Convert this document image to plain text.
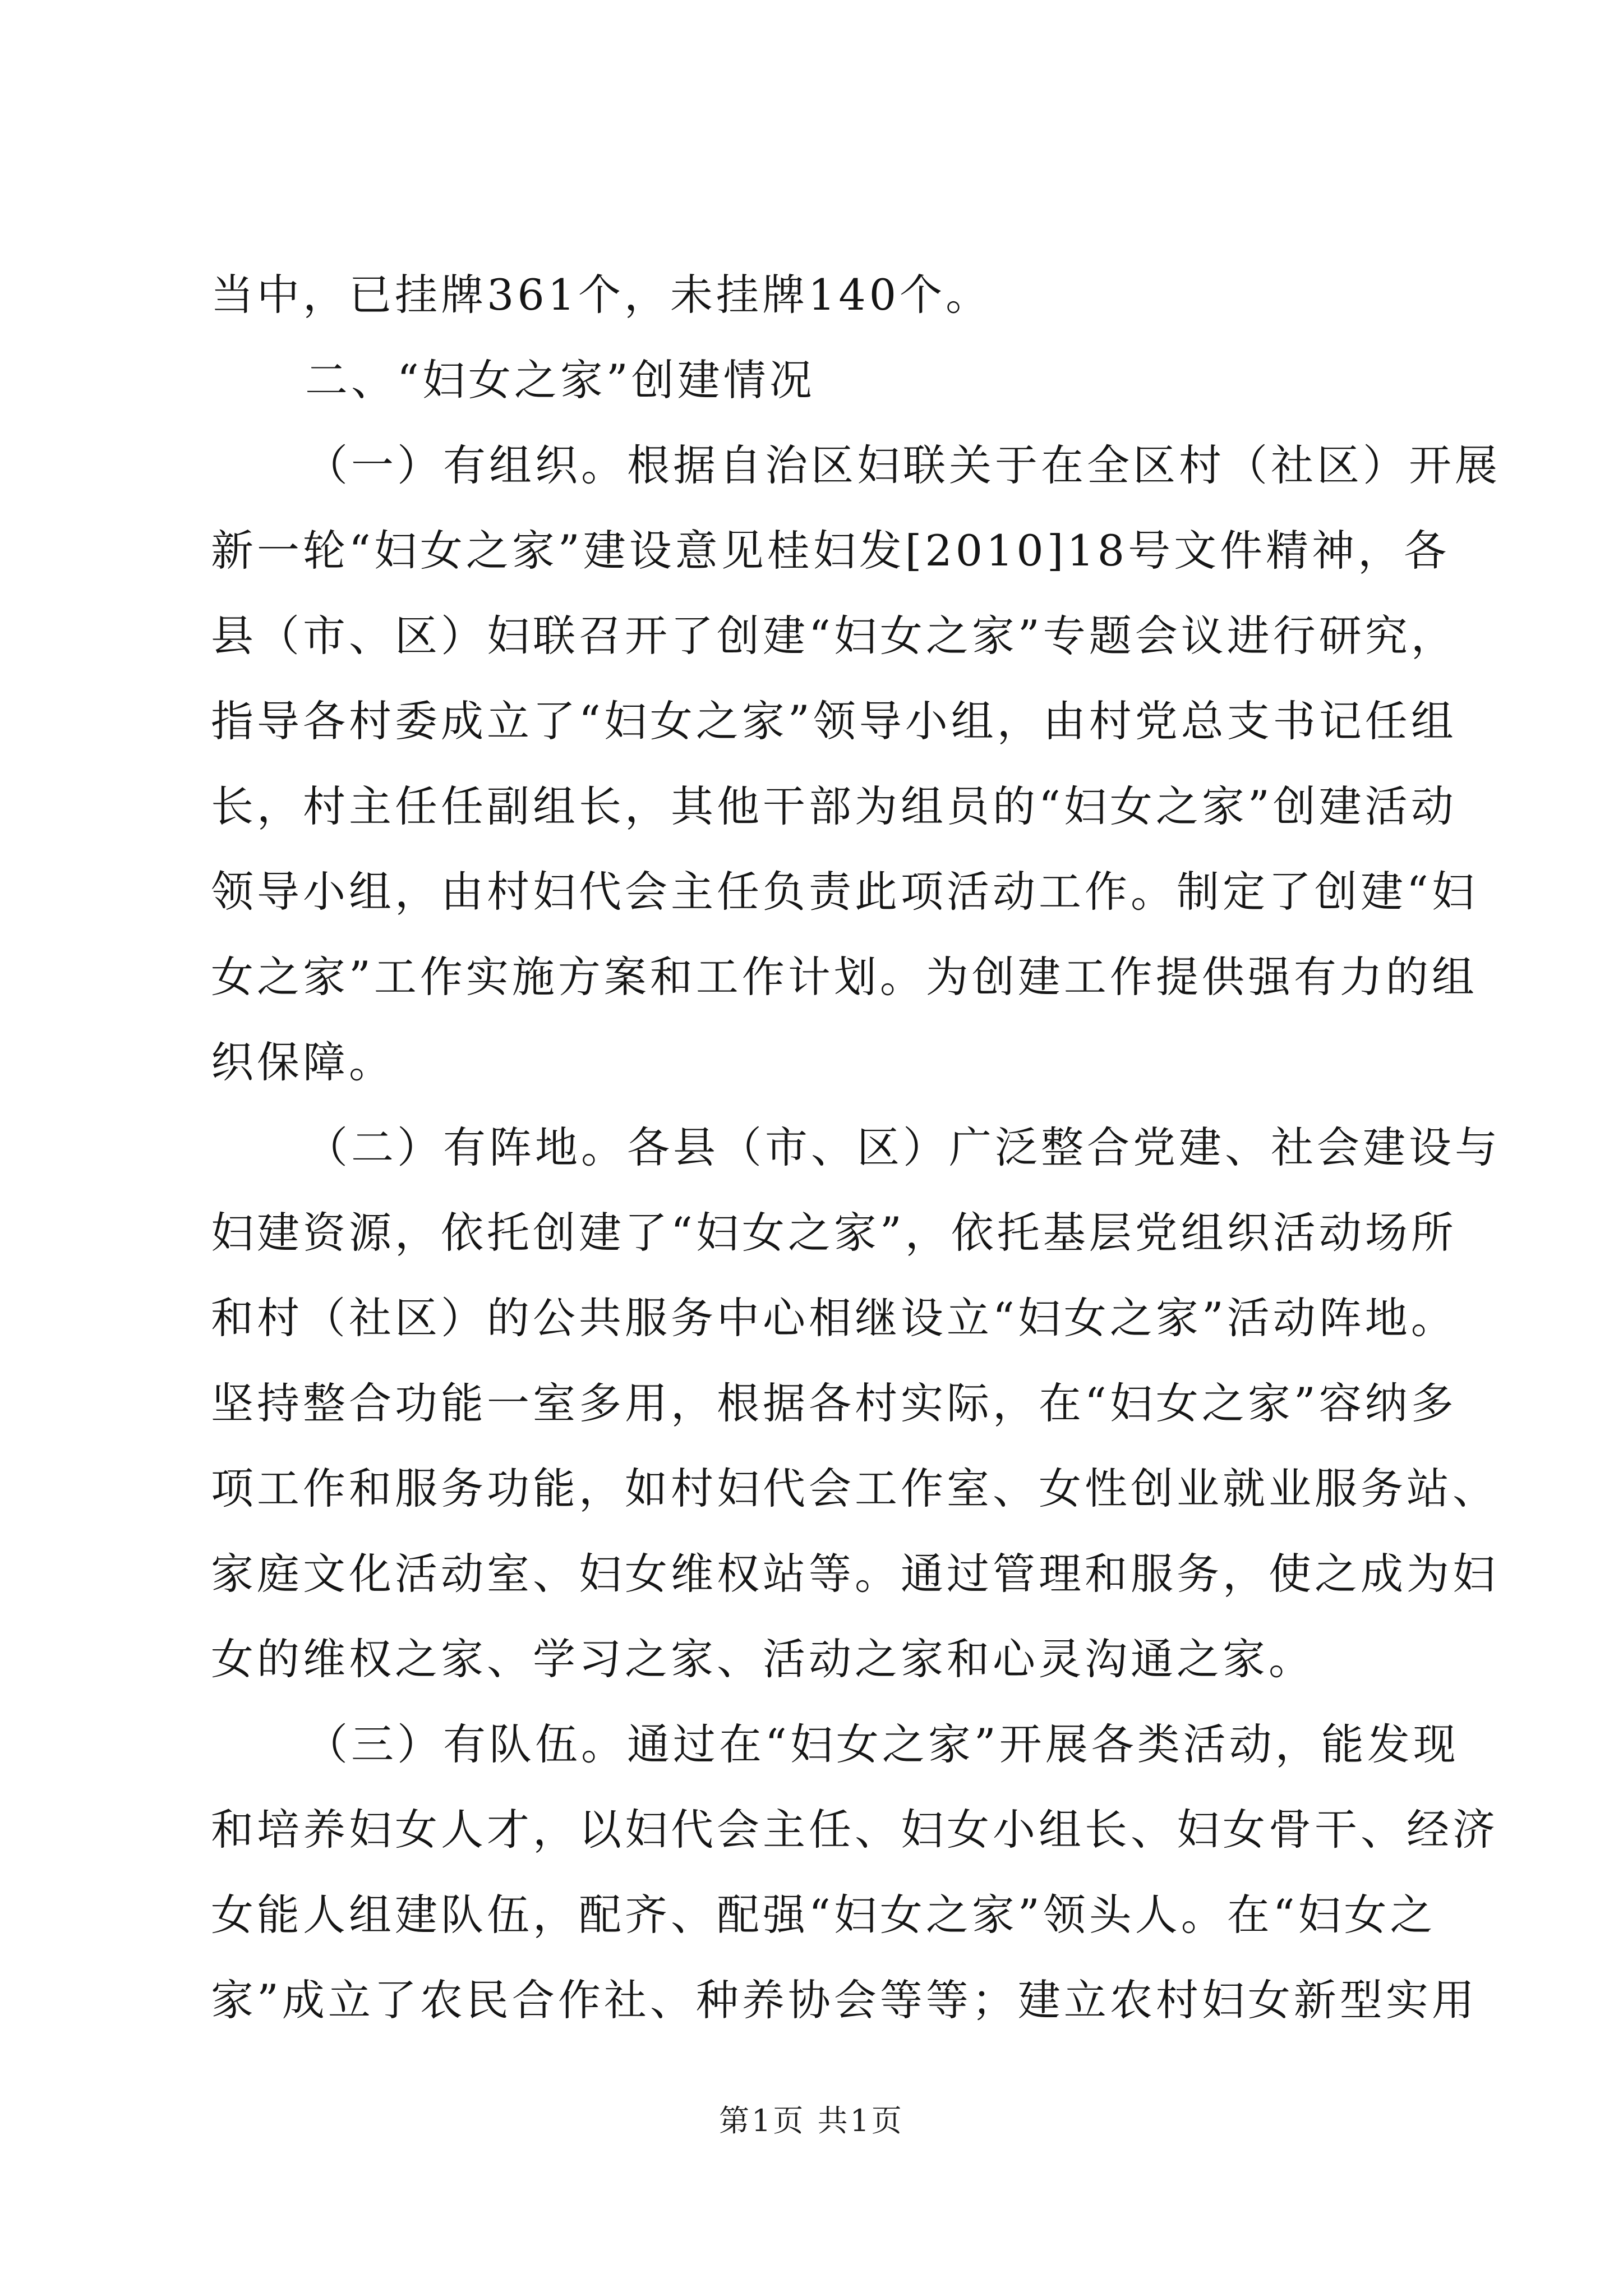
当中，已挂牌361个，未挂牌140个。
二、“妇女之家”创建情况
（一）有组织。根据自治区妇联关于在全区村（社区）开展
新一轮“妇女之家”建设意见桂妇发[2010]18号文件精神，各
县（市、区）妇联召开了创建“妇女之家”专题会议进行研究，
指导各村委成立了“妇女之家”领导小组，由村党总支书记任组
长，村主任任副组长，其他干部为组员的“妇女之家”创建活动
领导小组，由村妇代会主任负责此项活动工作。制定了创建“妇
女之家”工作实施方案和工作计划。为创建工作提供强有力的组
织保障。
（二）有阵地。各县（市、区）广泛整合党建、社会建设与
妇建资源，依托创建了“妇女之家”，依托基层党组织活动场所
和村（社区）的公共服务中心相继设立“妇女之家”活动阵地。
坚持整合功能一室多用，根据各村实际，在“妇女之家”容纳多
项工作和服务功能，如村妇代会工作室、女性创业就业服务站、
家庭文化活动室、妇女维权站等。通过管理和服务，使之成为妇
女的维权之家、学习之家、活动之家和心灵沟通之家。
（三）有队伍。通过在“妇女之家”开展各类活动，能发现
和培养妇女人才，以妇代会主任、妇女小组长、妇女骨干、经济
女能人组建队伍，配齐、配强“妇女之家”领头人。在“妇女之
家”成立了农民合作社、种养协会等等；建立农村妇女新型实用
第1页 共1页
